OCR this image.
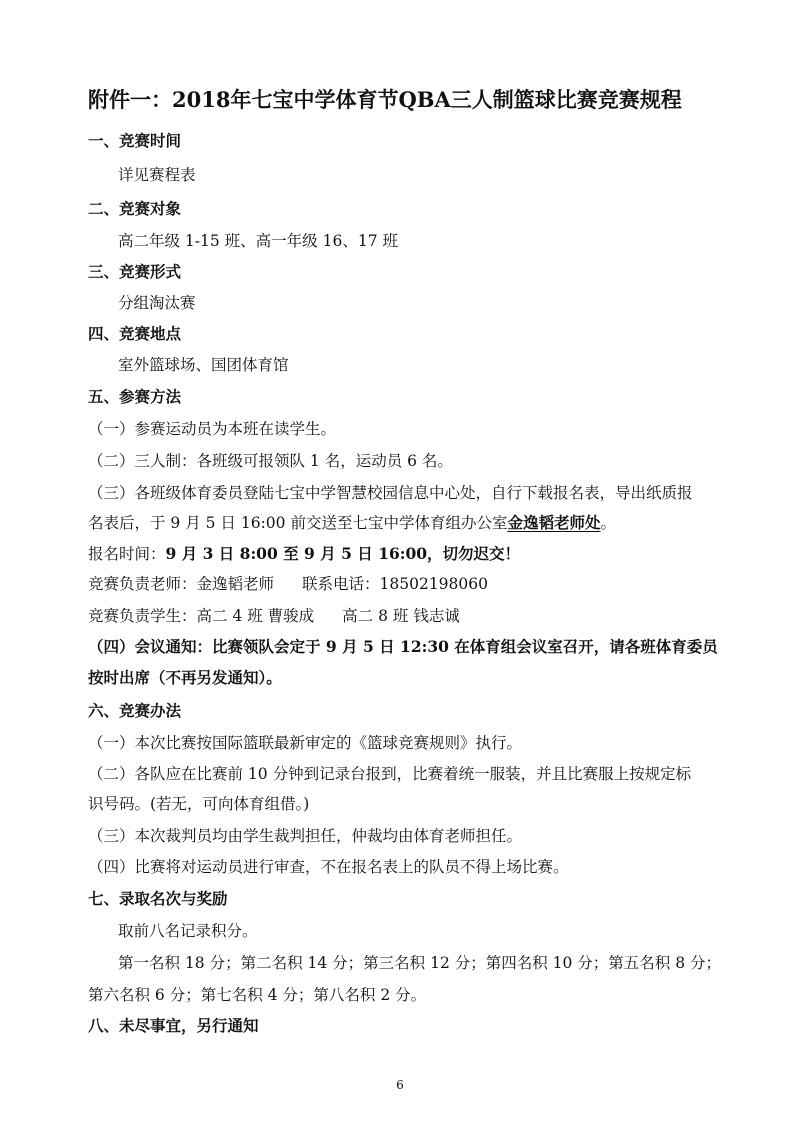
附件一：2018年七宝中学体育节QBA三人制篮球比赛竞赛规程
一、竞赛时间
详见赛程表
二、竞赛对象
高二年级 1-15 班、高一年级 16、17 班
三、竞赛形式
分组淘汰赛
四、竞赛地点
室外篮球场、国团体育馆
五、参赛方法
（一）参赛运动员为本班在读学生。
（二）三人制：各班级可报领队 1 名，运动员 6 名。
（三）各班级体育委员登陆七宝中学智慧校园信息中心处，自行下载报名表，导出纸质报
名表后，于 9 月 5 日 16:00 前交送至七宝中学体育组办公室金逸韬老师处。
报名时间：9 月 3 日 8:00 至 9 月 5 日 16:00，切勿迟交！
竞赛负责老师：金逸韬老师 联系电话：18502198060
竞赛负责学生：高二 4 班 曹骏成 高二 8 班 钱志诚
（四）会议通知：比赛领队会定于 9 月 5 日 12:30 在体育组会议室召开，请各班体育委员
按时出席（不再另发通知）。
六、竞赛办法
（一）本次比赛按国际篮联最新审定的《篮球竞赛规则》执行。
（二）各队应在比赛前 10 分钟到记录台报到，比赛着统一服装，并且比赛服上按规定标
识号码。(若无，可向体育组借。)
（三）本次裁判员均由学生裁判担任，仲裁均由体育老师担任。
（四）比赛将对运动员进行审查，不在报名表上的队员不得上场比赛。
七、录取名次与奖励
取前八名记录积分。
第一名积 18 分；第二名积 14 分；第三名积 12 分；第四名积 10 分；第五名积 8 分；
第六名积 6 分；第七名积 4 分；第八名积 2 分。
八、未尽事宜，另行通知
6
